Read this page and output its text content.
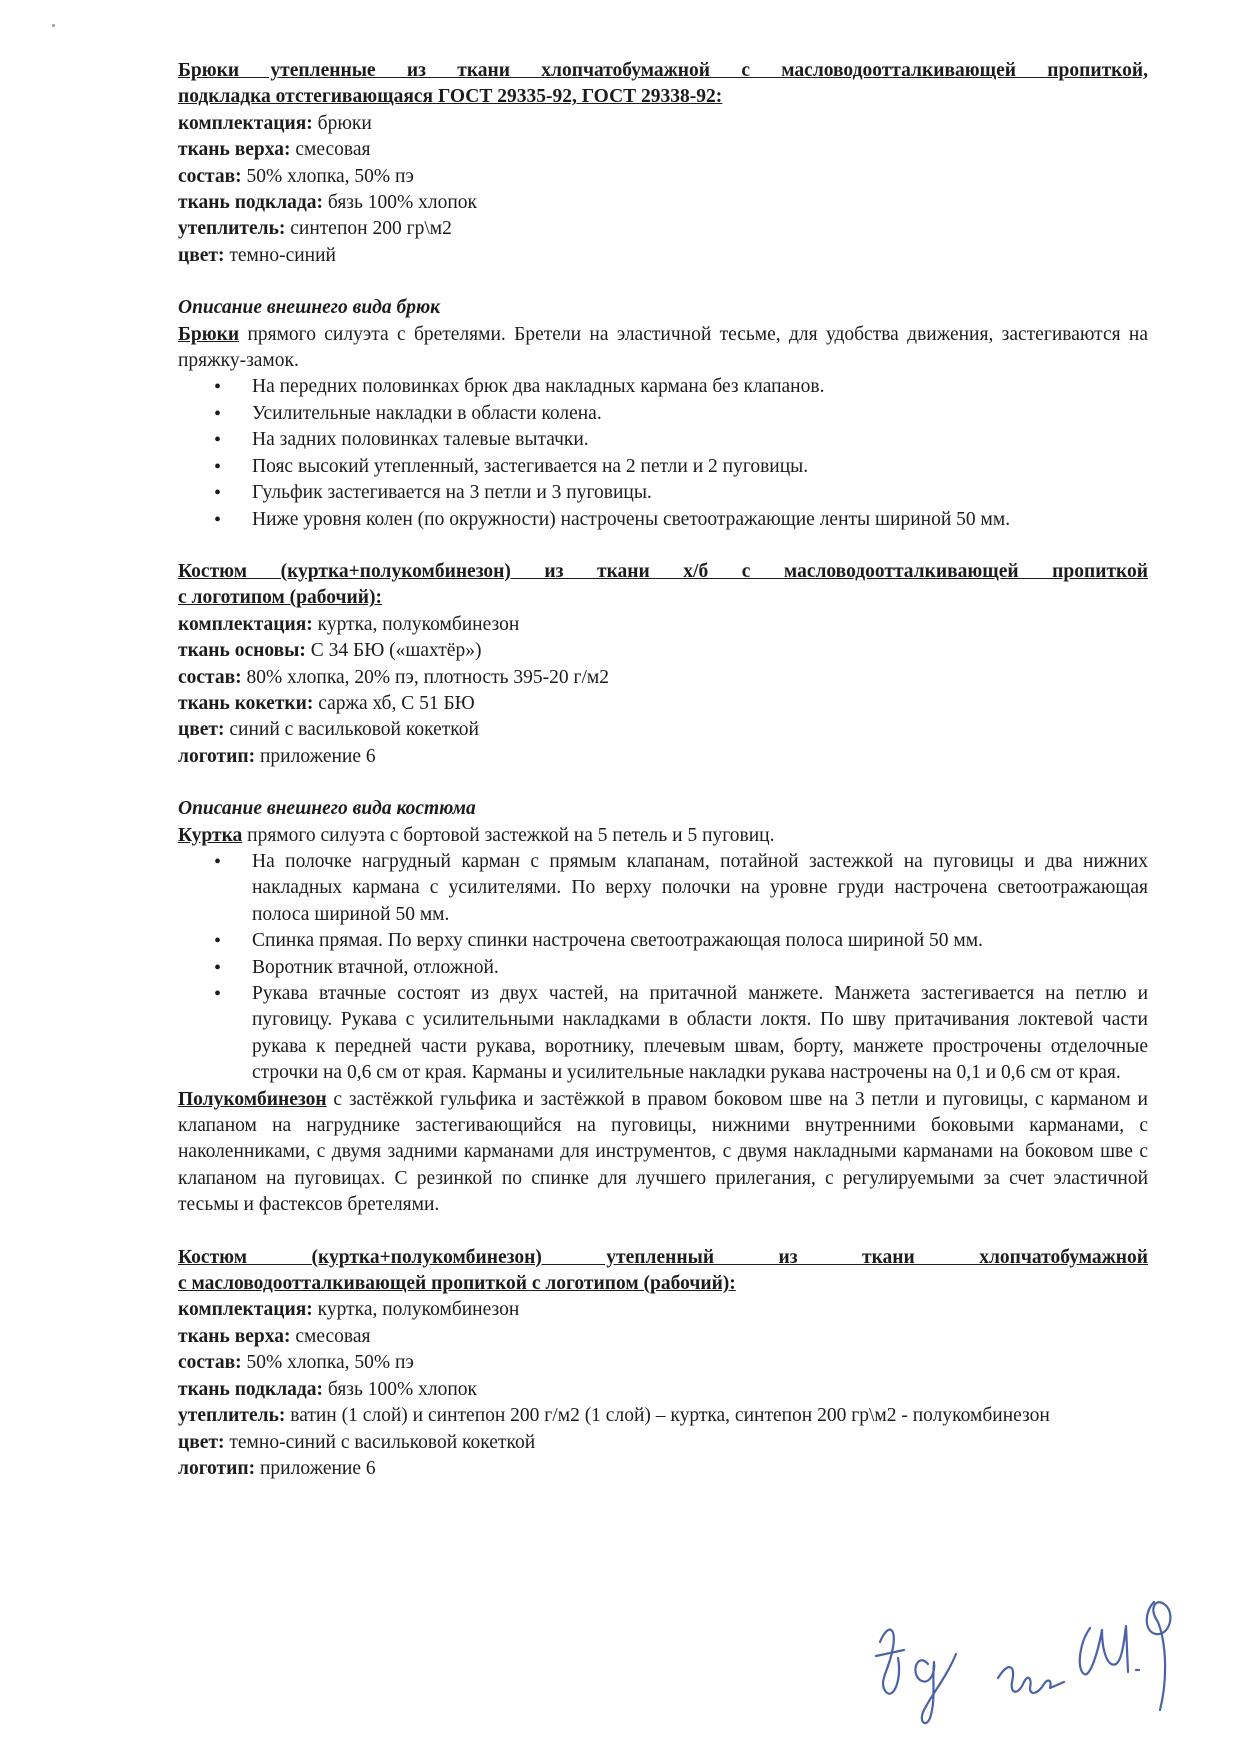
Брюки утепленные из ткани хлопчатобумажной с масловодоотталкивающей пропиткой,
подкладка отстегивающаяся ГОСТ 29335-92, ГОСТ 29338-92:
комплектация: брюки
ткань верха: смесовая
состав: 50% хлопка, 50% пэ
ткань подклада: бязь 100% хлопок
утеплитель: синтепон 200 гр\м2
цвет: темно-синий
Описание внешнего вида брюк
Брюки прямого силуэта с бретелями. Бретели на эластичной тесьме, для удобства движения, застегиваются на пряжку-замок.
• На передних половинках брюк два накладных кармана без клапанов.
• Усилительные накладки в области колена.
• На задних половинках талевые вытачки.
• Пояс высокий утепленный, застегивается на 2 петли и 2 пуговицы.
• Гульфик застегивается на 3 петли и 3 пуговицы.
• Ниже уровня колен (по окружности) настрочены светоотражающие ленты шириной 50 мм.
Костюм (куртка+полукомбинезон) из ткани х/б с масловодоотталкивающей пропиткой
с логотипом (рабочий):
комплектация: куртка, полукомбинезон
ткань основы: С 34 БЮ («шахтёр»)
состав: 80% хлопка, 20% пэ, плотность 395-20 г/м2
ткань кокетки: саржа хб, С 51 БЮ
цвет: синий с васильковой кокеткой
логотип: приложение 6
Описание внешнего вида костюма
Куртка прямого силуэта с бортовой застежкой на 5 петель и 5 пуговиц.
• На полочке нагрудный карман с прямым клапанам, потайной застежкой на пуговицы и два нижних накладных кармана с усилителями. По верху полочки на уровне груди настрочена светоотражающая полоса шириной 50 мм.
• Спинка прямая. По верху спинки настрочена светоотражающая полоса шириной 50 мм.
• Воротник втачной, отложной.
• Рукава втачные состоят из двух частей, на притачной манжете. Манжета застегивается на петлю и пуговицу. Рукава с усилительными накладками в области локтя. По шву притачивания локтевой части рукава к передней части рукава, воротнику, плечевым швам, борту, манжете простpочены отделочные строчки на 0,6 см от края. Карманы и усилительные накладки рукава настрочены на 0,1 и 0,6 см от края.
Полукомбинезон с застёжкой гульфика и застёжкой в правом боковом шве на 3 петли и пуговицы, с карманом и клапаном на нагруднике застегивающийся на пуговицы, нижними внутренними боковыми карманами, с наколенниками, с двумя задними карманами для инструментов, с двумя накладными карманами на боковом шве с клапаном на пуговицах. С резинкой по спинке для лучшего прилегания, с регулируемыми за счет эластичной тесьмы и фастексов бретелями.
Костюм (куртка+полукомбинезон) утепленный из ткани хлопчатобумажной
с масловодоотталкивающей пропиткой с логотипом (рабочий):
комплектация: куртка, полукомбинезон
ткань верха: смесовая
состав: 50% хлопка, 50% пэ
ткань подклада: бязь 100% хлопок
утеплитель: ватин (1 слой) и синтепон 200 г/м2 (1 слой) – куртка, синтепон 200 гр\м2 - полукомбинезон
цвет: темно-синий с васильковой кокеткой
логотип: приложение 6
